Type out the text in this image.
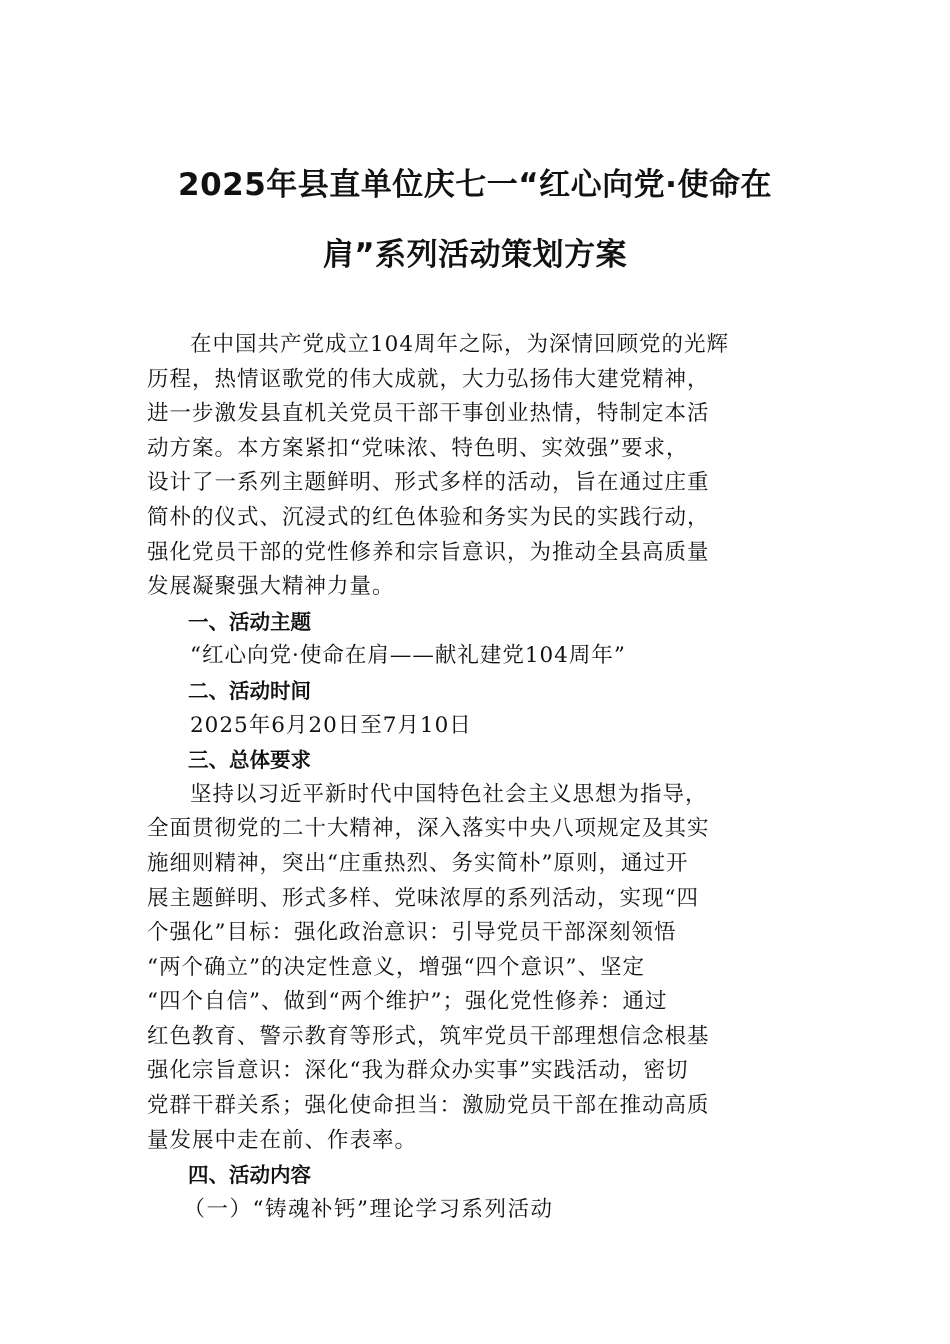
2025年县直单位庆七一“红心向党·使命在
肩”系列活动策划方案

在中国共产党成立104周年之际，为深情回顾党的光辉
历程，热情讴歌党的伟大成就，大力弘扬伟大建党精神，
进一步激发县直机关党员干部干事创业热情，特制定本活
动方案。本方案紧扣“党味浓、特色明、实效强”要求，
设计了一系列主题鲜明、形式多样的活动，旨在通过庄重
简朴的仪式、沉浸式的红色体验和务实为民的实践行动，
强化党员干部的党性修养和宗旨意识，为推动全县高质量
发展凝聚强大精神力量。

一、活动主题

“红心向党·使命在肩——献礼建党104周年”

二、活动时间

2025年6月20日至7月10日

三、总体要求

坚持以习近平新时代中国特色社会主义思想为指导，
全面贯彻党的二十大精神，深入落实中央八项规定及其实
施细则精神，突出“庄重热烈、务实简朴”原则，通过开
展主题鲜明、形式多样、党味浓厚的系列活动，实现“四
个强化”目标：强化政治意识：引导党员干部深刻领悟
“两个确立”的决定性意义，增强“四个意识”、坚定
“四个自信”、做到“两个维护”；强化党性修养：通过
红色教育、警示教育等形式，筑牢党员干部理想信念根基
强化宗旨意识：深化“我为群众办实事”实践活动，密切
党群干群关系；强化使命担当：激励党员干部在推动高质
量发展中走在前、作表率。

四、活动内容

（一）“铸魂补钙”理论学习系列活动
